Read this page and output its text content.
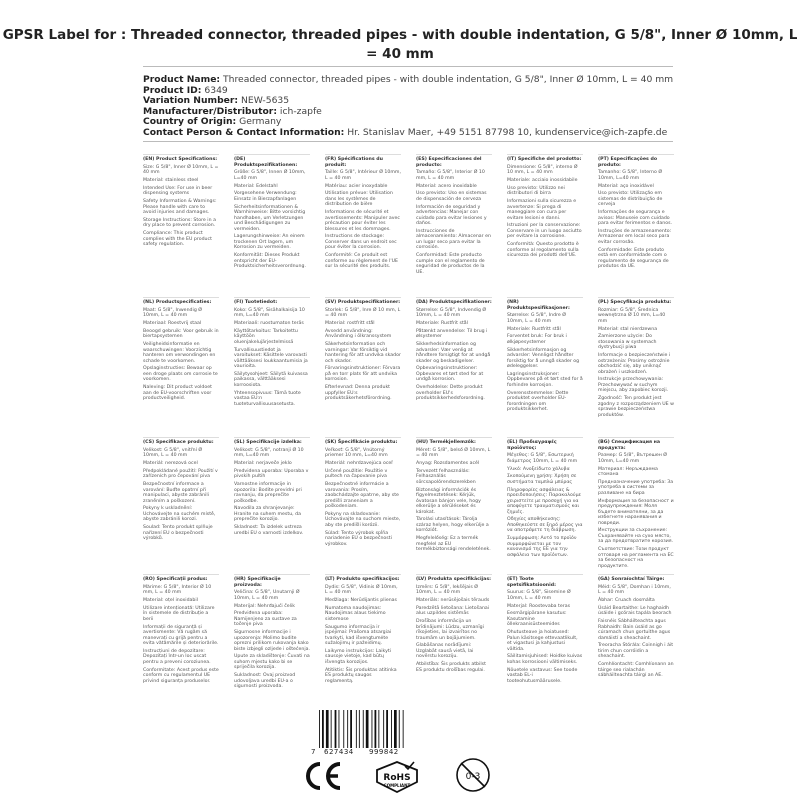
GPSR Label for : Threaded connector, threaded pipes - with double indentation, G 5/8", Inner Ø 10mm, L = 40 mm
Product Name: Threaded connector, threaded pipes - with double indentation, G 5/8", Inner Ø 10mm, L = 40 mm
Product ID: 6349
Variation Number: NEW-5635
Manufacturer/Distributor: ich-zapfe
Country of Origin: Germany
Contact Person & Contact Information: Hr. Stanislav Maer, +49 5151 87798 10, kundenservice@ich-zapfe.de

(EN) Product Specifications:

Size: G 5/8", Inner Ø 10mm, L = 40 mm

Material: stainless steel

Intended Use: For use in beer dispensing systems

Safety Information & Warnings: Please handle with care to avoid injuries and damages.

Storage Instructions: Store in a dry place to prevent corrosion.

Compliance: This product complies with the EU product safety regulation.

(DE) Produktspezifikationen:

Größe: G 5/8", Innen Ø 10mm, L=40 mm

Material: Edelstahl

Vorgesehene Verwendung: Einsatz in Bierzapfanlagen

Sicherheitsinformationen & Warnhinweise: Bitte vorsichtig handhaben, um Verletzungen und Beschädigungen zu vermeiden.

Lagerungshinweise: An einem trockenen Ort lagern, um Korrosion zu vermeiden.

Konformität: Dieses Produkt entspricht der EU-Produktsicherheitsverordnung.

(FR) Spécifications du produit:

Taille: G 5/8", Intérieur Ø 10mm, L = 40 mm

Matériau: acier inoxydable

Utilisation prévue: Utilisation dans les systèmes de distribution de bière

Informations de sécurité et avertissements: Manipuler avec précaution pour éviter les blessures et les dommages.

Instructions de stockage: Conserver dans un endroit sec pour éviter la corrosion.

Conformité: Ce produit est conforme au règlement de l'UE sur la sécurité des produits.

(ES) Especificaciones del producto:

Tamaño: G 5/8", Interior Ø 10 mm, L = 40 mm

Material: acero inoxidable

Uso previsto: Uso en sistemas de dispensación de cerveza

Información de seguridad y advertencias: Manejar con cuidado para evitar lesiones y daños.

Instrucciones de almacenamiento: Almacenar en un lugar seco para evitar la corrosión.

Conformidad: Este producto cumple con el reglamento de seguridad de productos de la UE.

(IT) Specifiche del prodotto:

Dimensione: G 5/8", interno Ø 10 mm, L = 40 mm

Materiale: acciaio inossidabile

Uso previsto: Utilizzo nei distributori di birra

Informazioni sulla sicurezza e avvertenze: Si prega di maneggiare con cura per evitare lesioni e danni.

Istruzioni per la conservazione: Conservare in un luogo asciutto per evitare la corrosione.

Conformità: Questo prodotto è conforme al regolamento sulla sicurezza dei prodotti dell'UE.

(PT) Especificações do produto:

Tamanho: G 5/8", Interno Ø 10mm, L=40 mm

Material: aço inoxidável

Uso previsto: Utilização em sistemas de distribuição de cerveja

Informações de segurança e avisos: Manuseie com cuidado para evitar ferimentos e danos.

Instruções de armazenamento: Armazenar em local seco para evitar corrosão.

Conformidade: Este produto está em conformidade com o regulamento de segurança de produtos da UE.

(NL) Productspecificaties:

Maat: G 5/8", Inwendig Ø 10mm, L = 40 mm

Materiaal: Roestvrij staal

Beoogd gebruik: Voor gebruik in biertapsystemen

Veiligheidsinformatie en waarschuwingen: Voorzichtig hanteren om verwondingen en schade te voorkomen.

Opslaginstructies: Bewaar op een droge plaats om corrosie te voorkomen.

Naleving: Dit product voldoet aan de EU-voorschriften voor productveiligheid.

(FI) Tuotetiedot:

Koko: G 5/8", Sisähalkaisija 10 mm, L=40 mm

Materiaali: ruostumaton teräs

Käyttötarkoitus: Tarkoitettu käyttöön oluenjakelujärjestelmissä

Turvallisuustiedot ja varoitukset: Käsittele varovasti välttääksesi loukkaantumisia ja vaurioita.

Säilytysohjeet: Säilytä kuivassa paikassa, välttääksesi korroosiota.

Yhteensopivuus: Tämä tuote vastaa EU:n tuoteturvallisuusasetusta.

(SV) Produktspecifikationer:

Storlek: G 5/8", Inre Ø 10 mm, L = 40 mm

Material: rostfritt stål

Avsedd användning: Användning i ölkranssystem

Säkerhetsinformation och varningar: Var försiktig vid hantering för att undvika skador och skador.

Förvaringsinstruktioner: Förvara på en torr plats för att undvika korrosion.

Efterlevnad: Denna produkt uppfyller EU:s produktsäkerhetsförordning.

(DA) Produktspecifikationer:

Størrelse: G 5/8", Indvendig Ø 10mm, L = 40 mm

Materiale: Rustfrit stål

Påtænkt anvendelse: Til brug i ølsystemer

Sikkerhedsinformation og advarsler: Vær venlig at håndtere forsigtigt for at undgå skader og beskadigelser.

Opbevaringsinstruktioner: Opbevares et tørt sted for at undgå korrosion.

Overholdelse: Dette produkt overholder EU's produktsikkerhedsforordning.

(NR) Produktspesifikasjoner:

Størrelse: G 5/8", Indre Ø 10mm, L = 40 mm

Materiale: Rustfritt stål

Forventet bruk: For bruk i ølkjøpesystemer

Sikkerhetsinformasjon og advarsler: Vennligst håndter forsiktig for å unngå skader og ødeleggelser.

Lagringsinstruksjoner: Oppbevares på et tørt sted for å forhindre korrosjon.

Overensstemmelse: Dette produktet overholder EU-forordningen om produktsikkerhet.

(PL) Specyfikacja produktu:

Rozmiar: G 5/8", Średnica wewnętrzna Ø 10 mm, L=40 mm

Materiał: stal nierdzewna

Zamierzone użycie: Do stosowania w systemach dystrybucji piwa

Informacje o bezpieczeństwie i ostrzeżenia: Prosimy ostrożnie obchodzić się, aby uniknąć obrażeń i uszkodzeń.

Instrukcje przechowywania: Przechowywać w suchym miejscu, aby zapobiec korozji.

Zgodność: Ten produkt jest zgodny z rozporządzeniem UE w sprawie bezpieczeństwa produktów.

(CS) Specifikace produktu:

Velikost: G 5/8", vnitřní Ø 10mm, L = 40 mm

Materiál: nerezová ocel

Předpokládané použití: Použití v zařízeních pro čepování piva

Bezpečnostní informace a varování: Buďte opatrní při manipulaci, abyste zabránili zraněním a poškození.

Pokyny k uskladnění: Uchovávejte na suchém místě, abyste zabránili korozi.

Soulad: Tento produkt splňuje nařízení EU o bezpečnosti výrobků.

(SL) Specifikacije izdelka:

Velikost: G 5/8", notranji Ø 10 mm, L=40 mm

Material: nerjaveče jeklo

Predvidena uporaba: Uporaba v pivskih pultih

Varnostne informacije in opozorila: Bodite previdni pri ravnanju, da preprečite poškodbe.

Navodila za shranjevanje: Hranite na suhem mestu, da preprečite korozijo.

Skladnost: Ta izdelek ustreza uredbi EU o varnosti izdelkov.

(SK) Špecifikácie produktu:

Veľkosť: G 5/8", Vnútorný priemer 10 mm, L=40 mm

Materiál: nehrdzavejúca oceľ

Určené použitie: Použitie v pultech na čapovanie piva

Bezpečnostné informácie a varovania: Prosím, zaobchádzajte opatrne, aby ste predišli zraneniam a poškodeniam.

Pokyny na skladovanie: Uchovávajte na suchom mieste, aby ste predišli korózii.

Súlad: Tento výrobok spĺňa nariadenie EÚ o bezpečnosti výrobkov.

(HU) Termékjellemzők:

Méret: G 5/8", belső Ø 10mm, L = 40 mm

Anyag: Rozsdamentes acél

Tervezett felhasználás: Felhasználás sörcsapolórendszerekben

Biztonsági információk és figyelmeztetések: Kérjük, óvatosan bánjon vele, hogy elkerülje a sérüléseket és károkat.

Tárolási utasítások: Tárolja száraz helyen, hogy elkerülje a korróziót.

Megfelelőség: Ez a termék megfelel az EU termékbiztonsági rendeletének.

(EL) Προδιαγραφές προϊόντος:

Μέγεθος: G 5/8", Εσωτερική διάμετρος 10mm, L = 40 mm

Υλικό: Ανοξείδωτο χάλυβα

Σκοπούμενη χρήση: Χρήση σε συστήματα ταμπλώ μπύρας

Πληροφορίες ασφάλειας & προειδοποιήσεις: Παρακαλούμε χειριστείτε με προσοχή για να αποφύγετε τραυματισμούς και ζημιές.

Οδηγίες αποθήκευσης: Αποθηκεύστε σε ξηρό μέρος για να αποτρέψετε τη διάβρωση.

Συμμόρφωση: Αυτό το προϊόν συμμορφώνεται με τον κανονισμό της ΕΕ για την ασφάλεια των προϊόντων.

(BG) Спецификация на продукта:

Размер: G 5/8", Вътрешен Ø 10mm, L=40 mm

Материал: Неръждаема стомана

Предназначение употреба: За употреба в системи за разливане на бира

Информация за безопасност и предупреждения: Моля бъдете внимателни, за да избегнете наранявания и повреди.

Инструкции за съхранение: Съхранявайте на сухо място, за да предотвратите корозия.

Съответствие: Този продукт отговаря на регламента на ЕС за безопасност на продуктите.

(RO) Specificații produs:

Mărime: G 5/8", Interior Ø 10 mm, L = 40 mm

Material: oțel inoxidabil

Utilizare intenționată: Utilizare în sistemele de distribuție a berii

Informații de siguranță și avertismente: Vă rugăm să manevrați cu grijă pentru a evita vătămările și deteriorările.

Instrucțiuni de depozitare: Depozitați într-un loc uscat pentru a preveni coroziunea.

Conformitate: Acest produs este conform cu regulamentul UE privind siguranța produselor.

(HR) Specifikacije proizvoda:

Veličina: G 5/8", Unutarnji Ø 10mm, L = 40 mm

Materijal: Nehrđajući čelik

Predviđena uporaba: Namijenjeno za sustave za točenje piva

Sigurnosne informacije i upozorenja: Molimo budite oprezni prilikom rukovanja kako biste izbjegli ozljede i oštećenja.

Upute za skladištenje: Čuvati na suhom mjestu kako bi se spriječila korozija.

Sukladnost: Ovaj proizvod udovoljava uredbi EU-a o sigurnosti proizvoda.

(LT) Produkto specifikacijos:

Dydis: G 5/8", Vidinis Ø 10mm, L = 40 mm

Medžiaga: Nerūdijantis plienas

Numatoma naudojimas: Naudojimas alaus tiekimo sistemose

Saugumo informacija ir įspėjimai: Prašoma atsargiai tvarkyti, kad išvengtumėte sužalojimų ir pažeidimų.

Laikymo instrukcijos: Laikyti sausoje vietoje, kad būtų išvengta korozijos.

Atitiktis: Šis produktas atitinka ES produktų saugos reglamentą.

(LV) Produkta specifikācijas:

Izmērs: G 5/8", Iekšējais Ø 10mm, L = 40 mm

Materiāls: nerūsējošais tērauds

Paredzētā lietošana: Lietošanai alus uzpildes sistēmās

Drošības informācija un brīdinājumi: Lūdzu, uzmanīgi rīkojieties, lai izvairītos no traumām un bojājumiem.

Glabāšanas norādījumi: Uzglabāt sausā vietā, lai novērstu koroziju.

Atbilstība: Šis produkts atbilst ES produktu drošības regulai.

(ET) Toote spetsifikatsioonid:

Suurus: G 5/8", Sisemine Ø 10mm, L = 40 mm

Materjal: Roostevaba teras

Eesmärgipärane kasutus: Kasutamine õllekraanisüsteemides

Ohutusteave ja hoiatused: Palun käsitsege ettevaatlikult, et vigastusi ja kahjustusi vältida.

Säilitamisjuhised: Hoidke kuivas kohas korrosiooni vältimiseks.

Nõuetele vastavus: See toode vastab EL-i tooteohutusmäärusele.

(GA) Sonraíochtaí Táirge:

Méid: G 5/8", Domhan i 10mm, L = 40 mm

Ábhar: Cruach dosmálta

Úsáid Beartaithe: Le haghaidh úsáide i gcórais tapála beorach

Faisnéis Sábháilteachta agus Rabhaidh: Bain úsáid as go cúramach chun gortuithe agus damáistí a sheachaint.

Treoracha Stórála: Coinnigh i áit tirim chun corróidin a sheachaint.

Comhlíontacht: Comhlíonann an táirge seo rialachán sábháilteachta táirgí an AE.

7 627434 999842
RoHS
COMPLIANT
0-3
